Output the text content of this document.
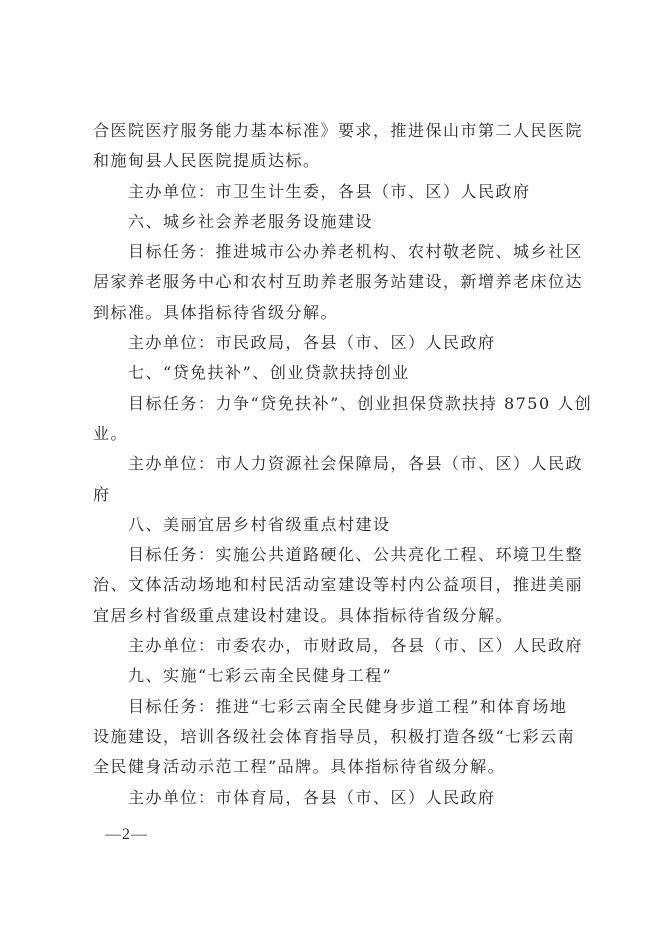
合医院医疗服务能力基本标准》要求，推进保山市第二人民医院
和施甸县人民医院提质达标。
主办单位：市卫生计生委，各县（市、区）人民政府
六、城乡社会养老服务设施建设
目标任务：推进城市公办养老机构、农村敬老院、城乡社区
居家养老服务中心和农村互助养老服务站建设，新增养老床位达
到标准。具体指标待省级分解。
主办单位：市民政局，各县（市、区）人民政府
七、“贷免扶补”、创业贷款扶持创业
目标任务：力争“贷免扶补”、创业担保贷款扶持 8750 人创
业。
主办单位：市人力资源社会保障局，各县（市、区）人民政
府
八、美丽宜居乡村省级重点村建设
目标任务：实施公共道路硬化、公共亮化工程、环境卫生整
治、文体活动场地和村民活动室建设等村内公益项目，推进美丽
宜居乡村省级重点建设村建设。具体指标待省级分解。
主办单位：市委农办，市财政局，各县（市、区）人民政府
九、实施“七彩云南全民健身工程”
目标任务：推进“七彩云南全民健身步道工程”和体育场地
设施建设，培训各级社会体育指导员，积极打造各级“七彩云南
全民健身活动示范工程”品牌。具体指标待省级分解。
主办单位：市体育局，各县（市、区）人民政府
—2—
